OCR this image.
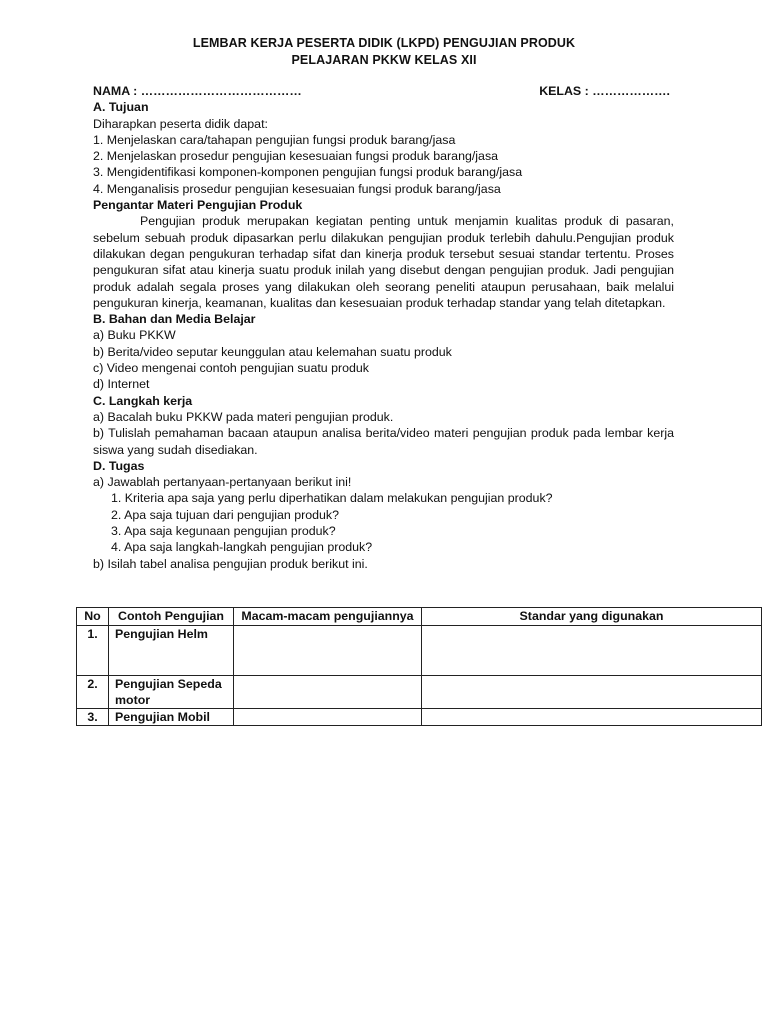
LEMBAR KERJA PESERTA DIDIK (LKPD) PENGUJIAN PRODUK
PELAJARAN PKKW KELAS XII
NAMA : …………………………………	KELAS : ……………….
A. Tujuan
Diharapkan peserta didik dapat:
1. Menjelaskan cara/tahapan pengujian fungsi produk barang/jasa
2. Menjelaskan prosedur pengujian kesesuaian fungsi produk barang/jasa
3. Mengidentifikasi komponen-komponen pengujian fungsi produk barang/jasa
4. Menganalisis prosedur pengujian kesesuaian fungsi produk barang/jasa
Pengantar Materi Pengujian Produk
Pengujian produk merupakan kegiatan penting untuk menjamin kualitas produk di pasaran, sebelum sebuah produk dipasarkan perlu dilakukan pengujian produk terlebih dahulu.Pengujian produk dilakukan degan pengukuran terhadap sifat dan kinerja produk tersebut sesuai standar tertentu. Proses pengukuran sifat atau kinerja suatu produk inilah yang disebut dengan pengujian produk. Jadi pengujian produk adalah segala proses yang dilakukan oleh seorang peneliti ataupun perusahaan, baik melalui pengukuran kinerja, keamanan, kualitas dan kesesuaian produk terhadap standar yang telah ditetapkan.
B. Bahan dan Media Belajar
a) Buku PKKW
b) Berita/video seputar keunggulan atau kelemahan suatu produk
c) Video mengenai contoh pengujian suatu produk
d) Internet
C. Langkah kerja
a) Bacalah buku PKKW pada materi pengujian produk.
b) Tulislah pemahaman bacaan ataupun analisa berita/video materi pengujian produk pada lembar kerja siswa yang sudah disediakan.
D. Tugas
a) Jawablah pertanyaan-pertanyaan berikut ini!
1. Kriteria apa saja yang perlu diperhatikan dalam melakukan pengujian produk?
2. Apa saja tujuan dari pengujian produk?
3. Apa saja kegunaan pengujian produk?
4. Apa saja langkah-langkah pengujian produk?
b) Isilah tabel analisa pengujian produk berikut ini.
No	Contoh Pengujian	Macam-macam pengujiannya	Standar yang digunakan
1.	Pengujian Helm		
2.	Pengujian Sepeda motor		
3.	Pengujian Mobil		
